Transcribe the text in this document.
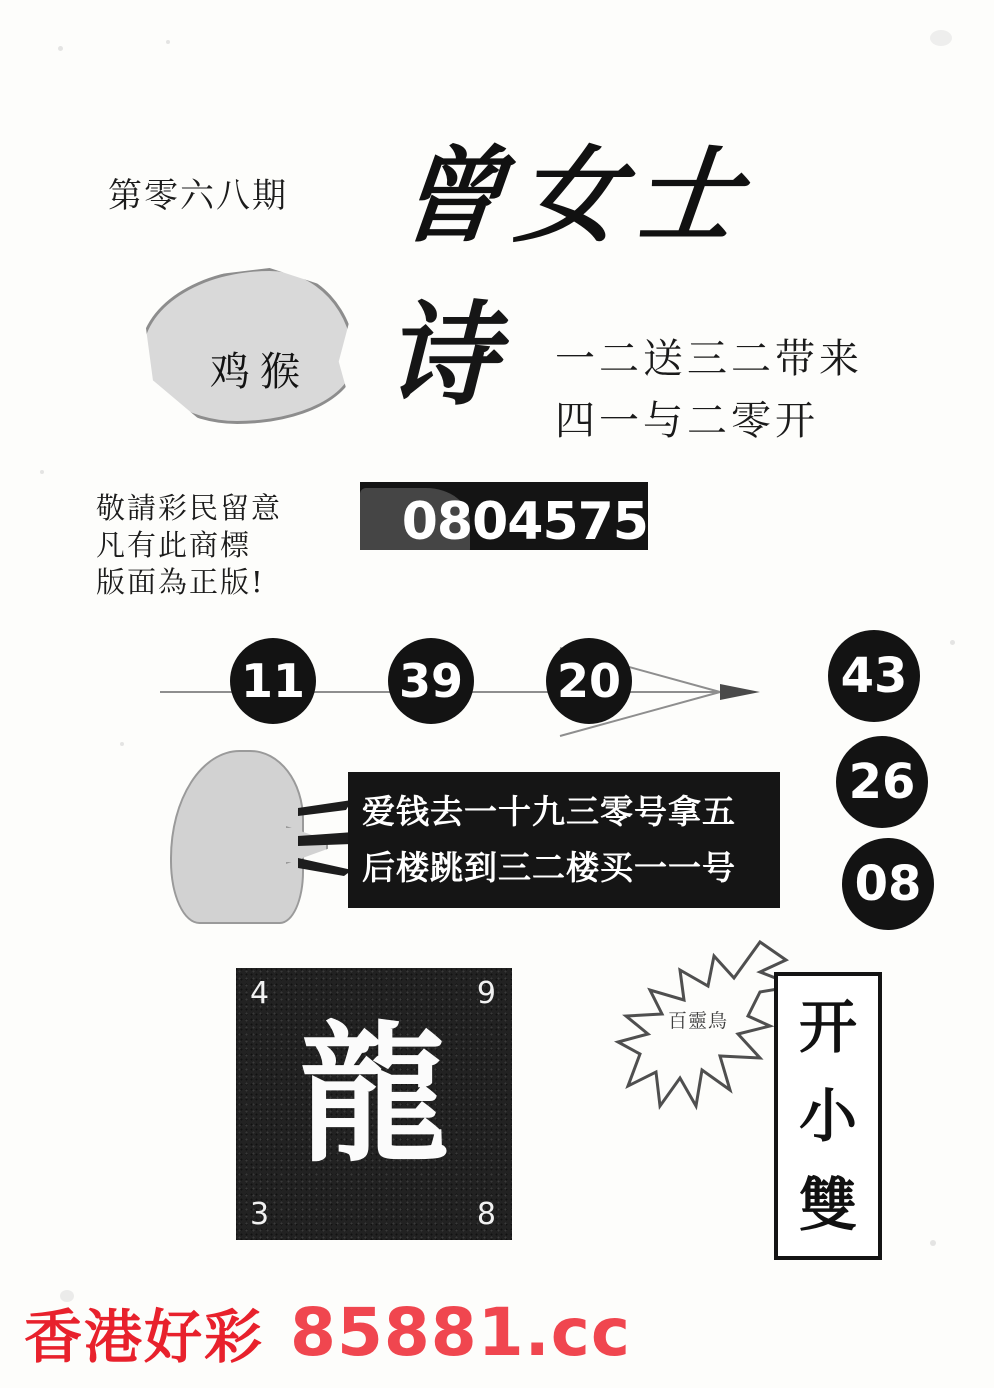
第零六八期 曾女士
鸡猴 诗 一二送三二带来
四一与二零开
敬請彩民留意
凡有此商標
版面為正版!
0804575
11 39 20	43
26
08
爱钱去一十九三零号拿五
后楼跳到三二楼买一一号
4	9
3	8
龍	百靈鳥 开
小
雙
香港好彩 85881.cc
